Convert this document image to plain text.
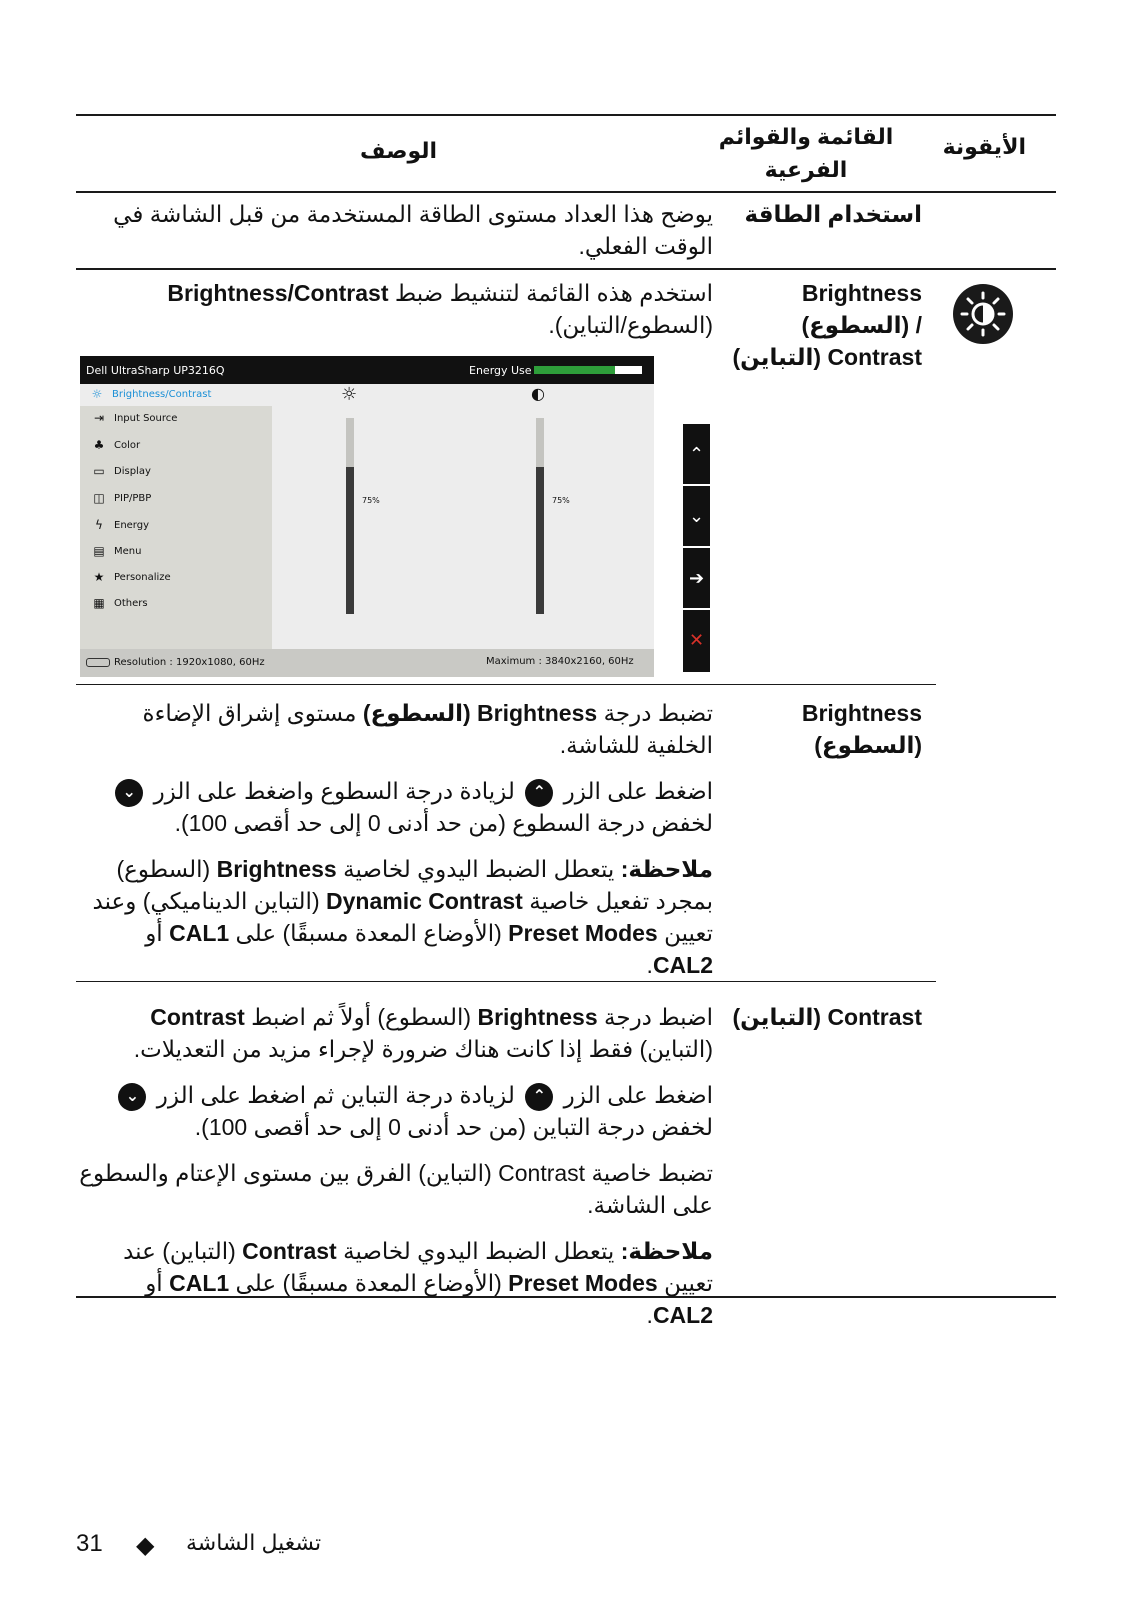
الأيقونة
القائمة والقوائم
الفرعية
الوصف
استخدام الطاقة
يوضح هذا العداد مستوى الطاقة المستخدمة من قبل الشاشة في الوقت الفعلي.
Brightness
/ (السطوع)
Contrast (التباين)
استخدم هذه القائمة لتنشيط ضبط Brightness/Contrast (السطوع/التباين).
Dell UltraSharp UP3216Q	Energy Use
☼ Brightness/Contrast
⇥ Input Source
♣ Color
▭ Display
◫ PIP/PBP
ϟ	Energy
▤ Menu
★ Personalize
▦ Others
☼	◐
75%	75%
Resolution : 1920x1080, 60Hz	Maximum : 3840x2160, 60Hz
⌃
⌄
➔
✕
Brightness
(السطوع)

تضبط درجة Brightness (السطوع) مستوى إشراق الإضاءة الخلفية للشاشة.

اضغط على الزر ⌃ لزيادة درجة السطوع واضغط على الزر ⌄ لخفض درجة السطوع (من حد أدنى 0 إلى حد أقصى 100).

ملاحظة: يتعطل الضبط اليدوي لخاصية Brightness (السطوع) بمجرد تفعيل خاصية Dynamic Contrast (التباين الديناميكي) وعند تعيين Preset Modes (الأوضاع المعدة مسبقًا) على CAL1 أو CAL2.

Contrast (التباين)

اضبط درجة Brightness (السطوع) أولاً ثم اضبط Contrast (التباين) فقط إذا كانت هناك ضرورة لإجراء مزيد من التعديلات.

اضغط على الزر ⌃ لزيادة درجة التباين ثم اضغط على الزر ⌄ لخفض درجة التباين (من حد أدنى 0 إلى حد أقصى 100).

تضبط خاصية Contrast (التباين) الفرق بين مستوى الإعتام والسطوع على الشاشة.

ملاحظة: يتعطل الضبط اليدوي لخاصية Contrast (التباين) عند تعيين Preset Modes (الأوضاع المعدة مسبقًا) على CAL1 أو CAL2.

31 ◆ تشغيل الشاشة
